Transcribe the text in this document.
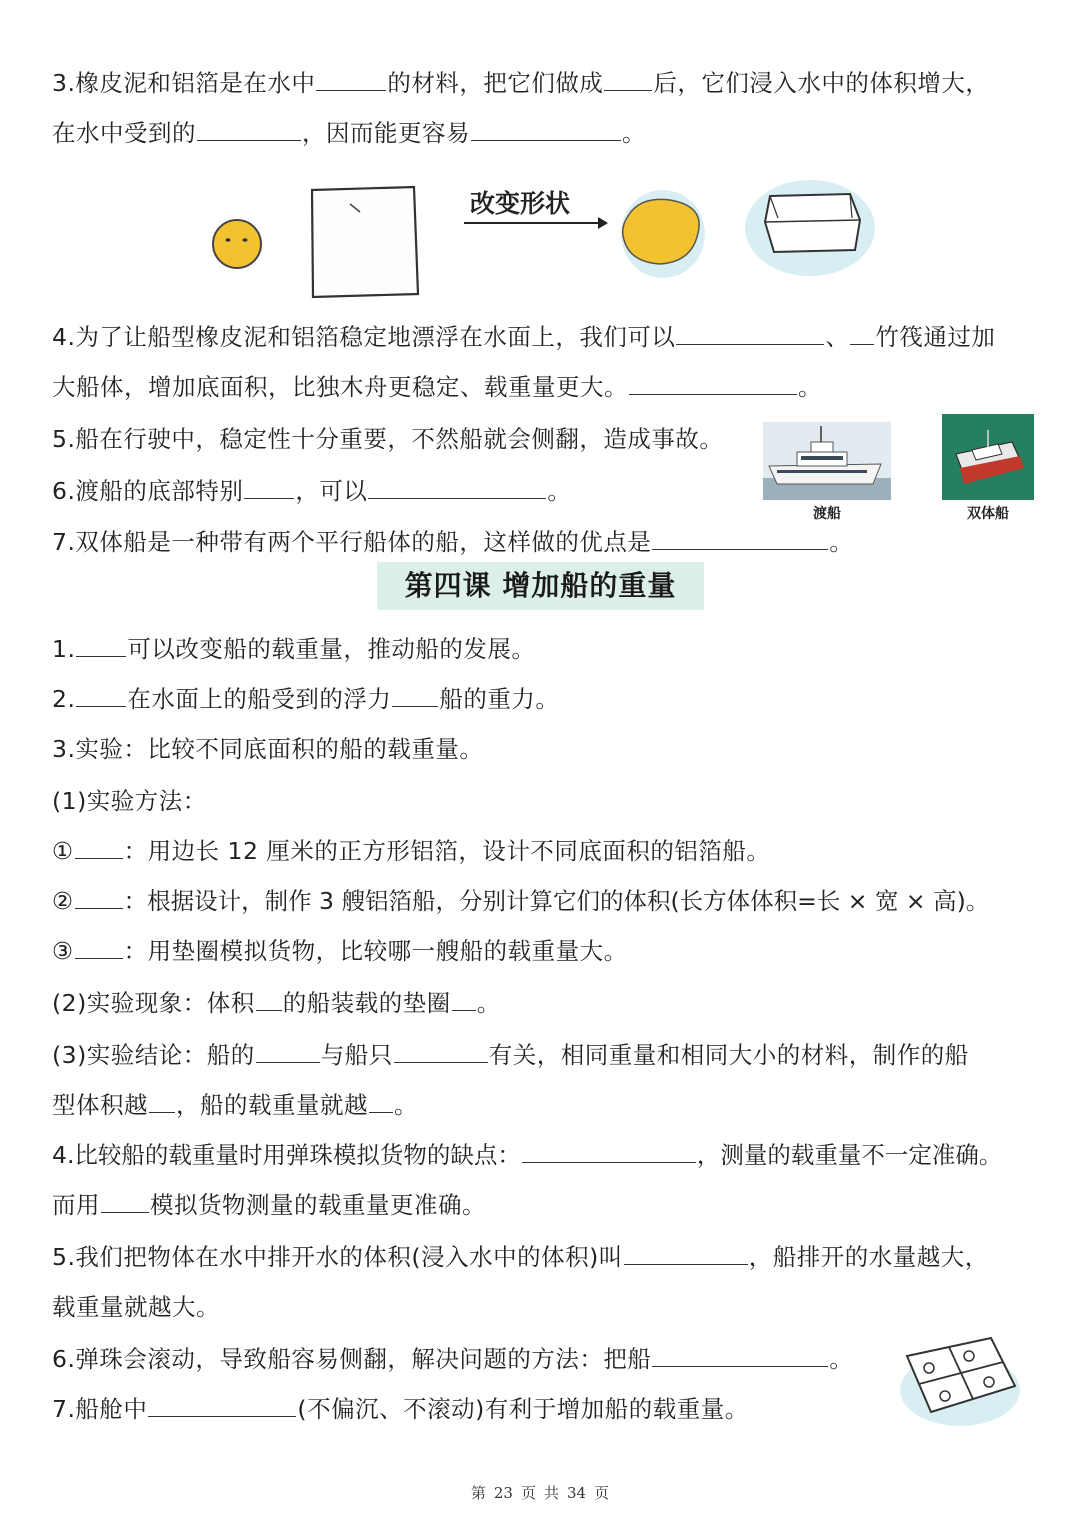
3.橡皮泥和铝箔是在水中	的材料，把它们做成 后，它们浸入水中的体积增大，
在水中受到的	，因而能更容易	。
改变形状
4.为了让船型橡皮泥和铝箔稳定地漂浮在水面上，我们可以	、 竹筏通过加
大船体，增加底面积，比独木舟更稳定、载重量更大。	。
5.船在行驶中，稳定性十分重要，不然船就会侧翻，造成事故。
6.渡船的底部特别 ，可以	。
7.双体船是一种带有两个平行船体的船，这样做的优点是	。
渡船	双体船
第四课 增加船的重量
1. 可以改变船的载重量，推动船的发展。
2. 在水面上的船受到的浮力 船的重力。
3.实验：比较不同底面积的船的载重量。
(1)实验方法：
① ：用边长 12 厘米的正方形铝箔，设计不同底面积的铝箔船。
② ：根据设计，制作 3 艘铝箔船，分别计算它们的体积(长方体体积=长 × 宽 × 高)。
③ ：用垫圈模拟货物，比较哪一艘船的载重量大。
(2)实验现象：体积 的船装载的垫圈 。
(3)实验结论：船的	与船只	有关，相同重量和相同大小的材料，制作的船
型体积越 ，船的载重量就越 。
4.比较船的载重量时用弹珠模拟货物的缺点：	，测量的载重量不一定准确。
而用 模拟货物测量的载重量更准确。
5.我们把物体在水中排开水的体积(浸入水中的体积)叫	，船排开的水量越大，
载重量就越大。
6.弹珠会滚动，导致船容易侧翻，解决问题的方法：把船	。
7.船舱中	(不偏沉、不滚动)有利于增加船的载重量。
第 23 页 共 34 页
